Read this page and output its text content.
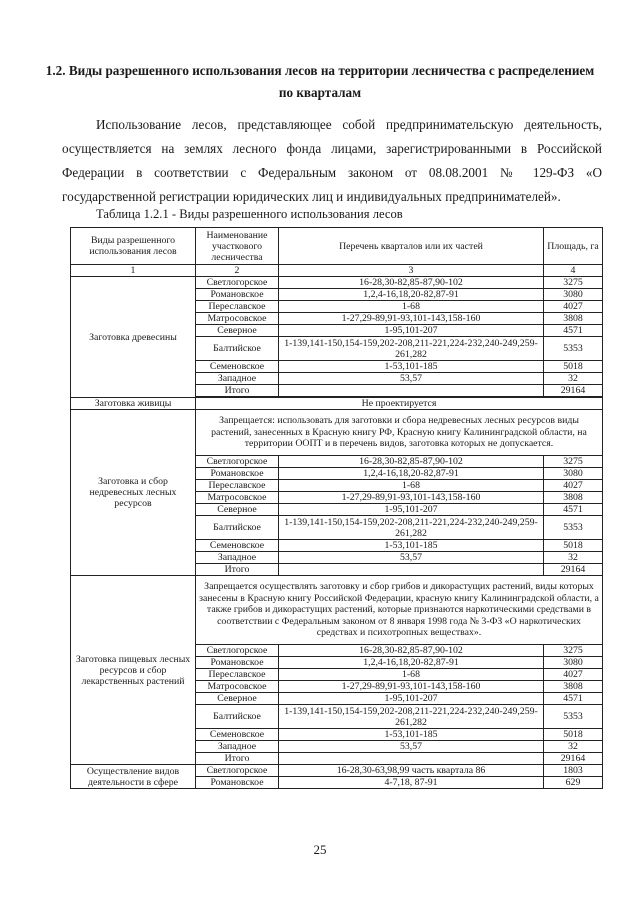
1.2. Виды разрешенного использования лесов на территории лесничества с распределением
по кварталам
Использование лесов, представляющее собой предпринимательскую деятельность, осуществляется на землях лесного фонда лицами, зарегистрированными в Российской Федерации в соответствии с Федеральным законом от 08.08.2001 № 129-ФЗ «О государственной регистрации юридических лиц и индивидуальных предпринимателей».
Таблица 1.2.1 - Виды разрешенного использования лесов
Виды разрешенного использования лесов	Наименование участкового лесничества	Перечень кварталов или их частей	Площадь, га
1	2	3	4
Заготовка древесины	Светлогорское	16-28,30-82,85-87,90-102	3275
	Романовское	1,2,4-16,18,20-82,87-91	3080
	Переславское	1-68	4027
	Матросовское	1-27,29-89,91-93,101-143,158-160	3808
	Северное	1-95,101-207	4571
	Балтийское	1-139,141-150,154-159,202-208,211-221,224-232,240-249,259-261,282	5353
	Семеновское	1-53,101-185	5018
	Западное	53,57	32
	Итого		29164

Заготовка живицы	Не проектируется		
Заготовка и сбор недревесных лесных ресурсов	Запрещается: использовать для заготовки и сбора недревесных лесных ресурсов виды растений, занесенных в Красную книгу РФ, Красную книгу Калининградской области, на территории ООПТ и в перечень видов, заготовка которых не допускается.		
	Светлогорское	16-28,30-82,85-87,90-102	3275
	Романовское	1,2,4-16,18,20-82,87-91	3080
	Переславское	1-68	4027
	Матросовское	1-27,29-89,91-93,101-143,158-160	3808
	Северное	1-95,101-207	4571
	Балтийское	1-139,141-150,154-159,202-208,211-221,224-232,240-249,259-261,282	5353
	Семеновское	1-53,101-185	5018
	Западное	53,57	32
	Итого		29164
Заготовка пищевых лесных ресурсов и сбор лекарственных растений	Запрещается осуществлять заготовку и сбор грибов и дикорастущих растений, виды которых занесены в Красную книгу Российской Федерации, красную книгу Калининградской области, а также грибов и дикорастущих растений, которые признаются наркотическими средствами в соответствии с Федеральным законом от 8 января 1998 года № 3-ФЗ «О наркотических средствах и психотропных веществах».		
	Светлогорское	16-28,30-82,85-87,90-102	3275
	Романовское	1,2,4-16,18,20-82,87-91	3080
	Переславское	1-68	4027
	Матросовское	1-27,29-89,91-93,101-143,158-160	3808
	Северное	1-95,101-207	4571
	Балтийское	1-139,141-150,154-159,202-208,211-221,224-232,240-249,259-261,282	5353
	Семеновское	1-53,101-185	5018
	Западное	53,57	32
	Итого		29164
Осуществление видов деятельности в сфере	Светлогорское	16-28,30-63,98,99 часть квартала 86	1803
	Романовское	4-7,18, 87-91	629
25
